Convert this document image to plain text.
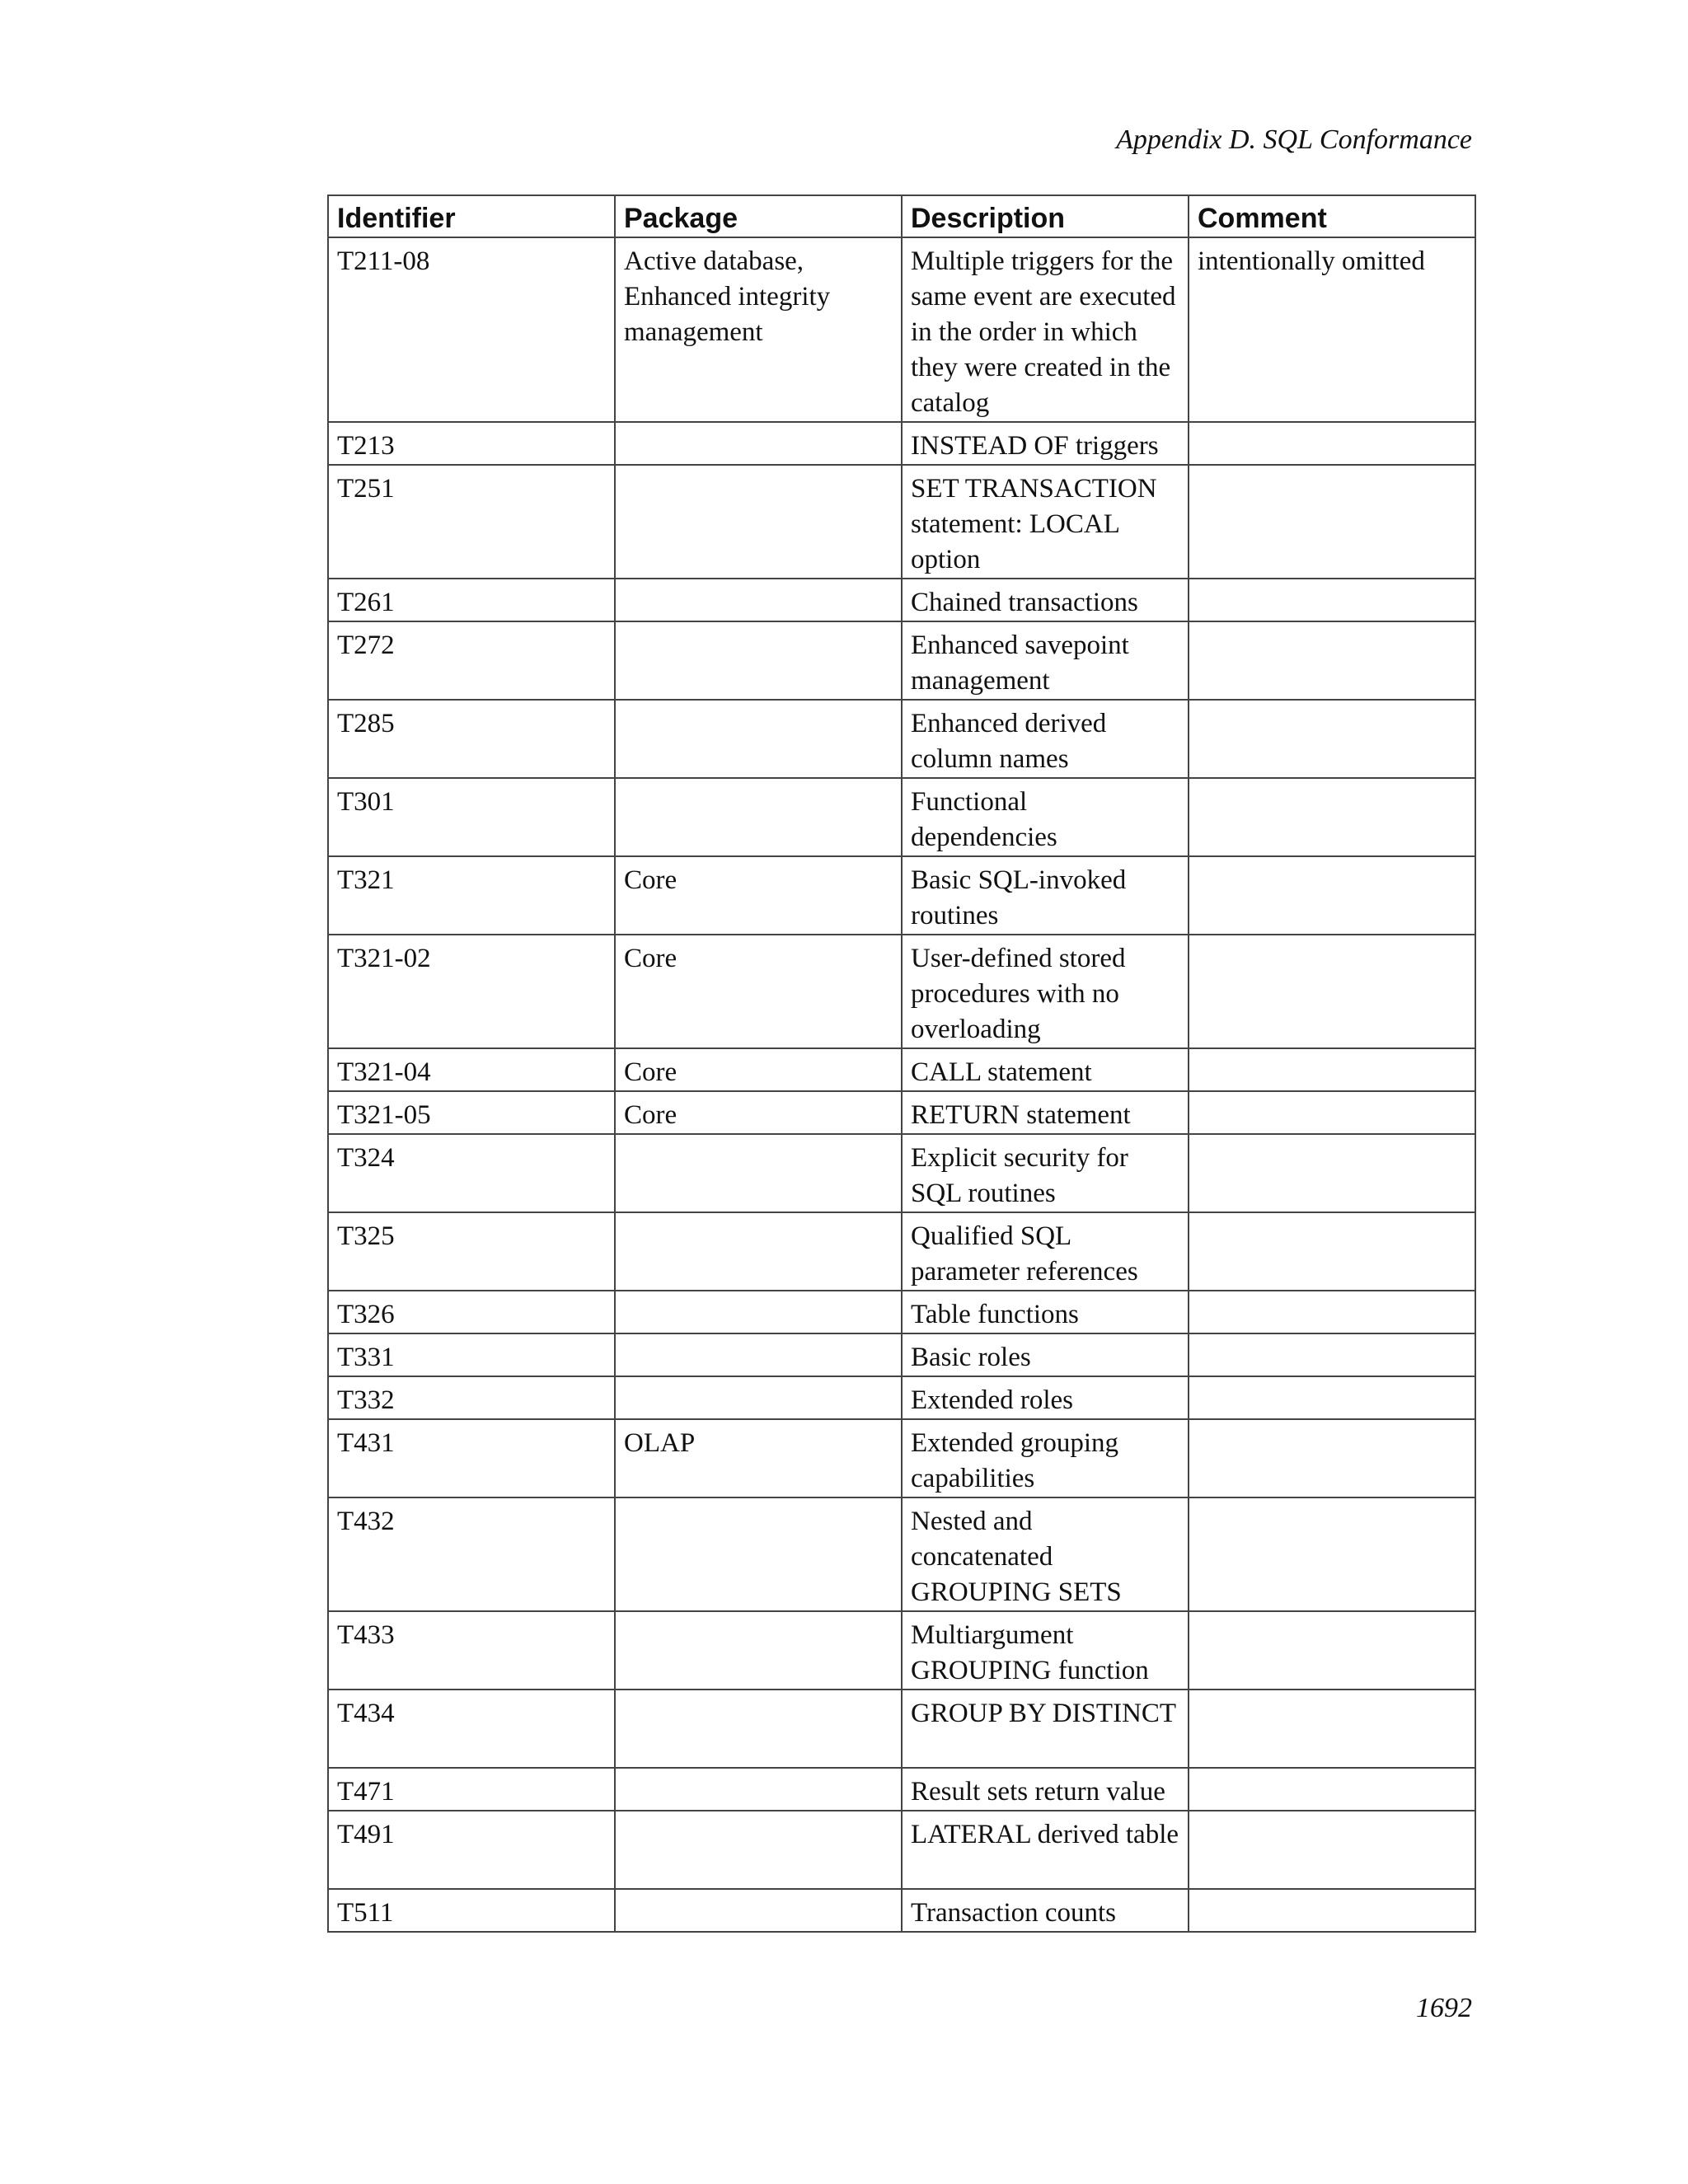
Appendix D. SQL Conformance
Identifier	Package	Description	Comment
T211-08	Active database, Enhanced integrity management	Multiple triggers for the same event are executed in the order in which they were created in the catalog	intentionally omitted
T213		INSTEAD OF triggers	
T251		SET TRANSACTION statement: LOCAL option	
T261		Chained transactions	
T272		Enhanced savepoint management	
T285		Enhanced derived column names	
T301		Functional dependencies	
T321	Core	Basic SQL-invoked routines	
T321-02	Core	User-defined stored procedures with no overloading	
T321-04	Core	CALL statement	
T321-05	Core	RETURN statement	
T324		Explicit security for SQL routines	
T325		Qualified SQL parameter references	
T326		Table functions	
T331		Basic roles	
T332		Extended roles	
T431	OLAP	Extended grouping capabilities	
T432		Nested and concatenated GROUPING SETS	
T433		Multiargument GROUPING function	
T434		GROUP BY DISTINCT	
T471		Result sets return value	
T491		LATERAL derived table	
T511		Transaction counts	
1692
